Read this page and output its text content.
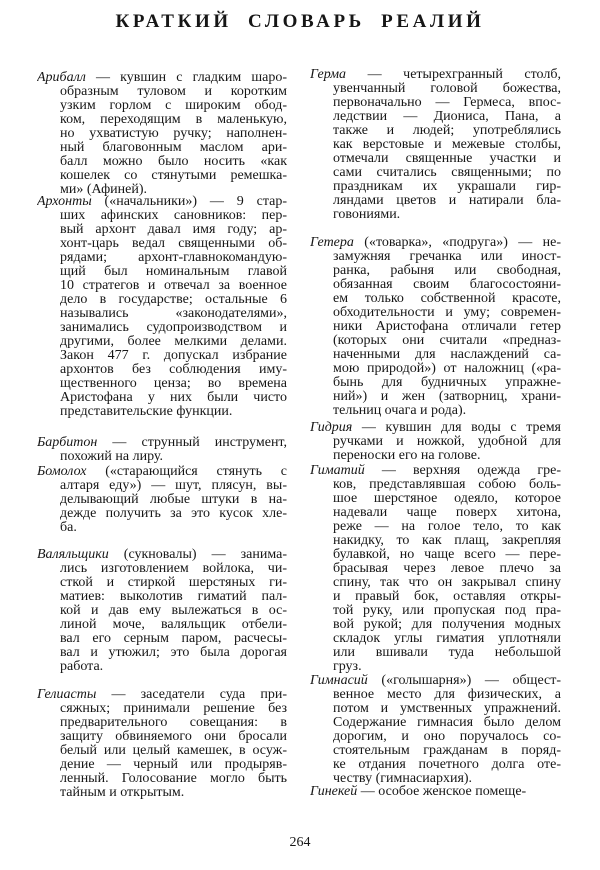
КРАТКИЙ СЛОВАРЬ РЕАЛИЙ
Арибалл — кувшин с гладким шаро-
образным туловом и коротким
узким горлом с широким обод-
ком, переходящим в маленькую,
но ухватистую ручку; наполнен-
ный благовонным маслом ари-
балл можно было носить «как
кошелек со стянутыми ремешка-
ми» (Афиней).
Архонты («начальники») — 9 стар-
ших афинских сановников: пер-
вый архонт давал имя году; ар-
хонт-царь ведал священными об-
рядами; архонт-главнокомандую-
щий был номинальным главой
10 стратегов и отвечал за военное
дело в государстве; остальные 6
назывались «законодателями»,
занимались судопроизводством и
другими, более мелкими делами.
Закон 477 г. допускал избрание
архонтов без соблюдения иму-
щественного ценза; во времена
Аристофана у них были чисто
представительские функции.
Барбитон — струнный инструмент,
похожий на лиру.
Бомолох («старающийся стянуть с
алтаря еду») — шут, плясун, вы-
делывающий любые штуки в на-
дежде получить за это кусок хле-
ба.
Валяльщики (сукновалы) — занима-
лись изготовлением войлока, чи-
сткой и стиркой шерстяных ги-
матиев: выколотив гиматий пал-
кой и дав ему вылежаться в ос-
линой моче, валяльщик отбели-
вал его серным паром, расчесы-
вал и утюжил; это была дорогая
работа.
Гелиасты — заседатели суда при-
сяжных; принимали решение без
предварительного совещания: в
защиту обвиняемого они бросали
белый или целый камешек, в осуж-
дение — черный или продыряв-
ленный. Голосование могло быть
тайным и открытым.
Герма — четырехгранный столб,
увенчанный головой божества,
первоначально — Гермеса, впос-
ледствии — Диониса, Пана, а
также и людей; употреблялись
как верстовые и межевые столбы,
отмечали священные участки и
сами считались священными; по
праздникам их украшали гир-
ляндами цветов и натирали бла-
говониями.
Гетера («товарка», «подруга») — не-
замужняя гречанка или иност-
ранка, рабыня или свободная,
обязанная своим благосостояни-
ем только собственной красоте,
обходительности и уму; современ-
ники Аристофана отличали гетер
(которых они считали «предназ-
наченными для наслаждений са-
мою природой») от наложниц («ра-
бынь для будничных упражне-
ний») и жен (затворниц, храни-
тельниц очага и рода).
Гидрия — кувшин для воды с тремя
ручками и ножкой, удобной для
переноски его на голове.
Гиматий — верхняя одежда гре-
ков, представлявшая собою боль-
шое шерстяное одеяло, которое
надевали чаще поверх хитона,
реже — на голое тело, то как
накидку, то как плащ, закрепляя
булавкой, но чаще всего — пере-
брасывая через левое плечо за
спину, так что он закрывал спину
и правый бок, оставляя откры-
той руку, или пропуская под пра-
вой рукой; для получения модных
складок углы гиматия уплотняли
или вшивали туда небольшой
груз.
Гимнасий («голышарня») — общест-
венное место для физических, а
потом и умственных упражнений.
Содержание гимнасия было делом
дорогим, и оно поручалось со-
стоятельным гражданам в поряд-
ке отдания почетного долга оте-
честву (гимнасиархия).
Гинекей — особое женское помеще-
264
